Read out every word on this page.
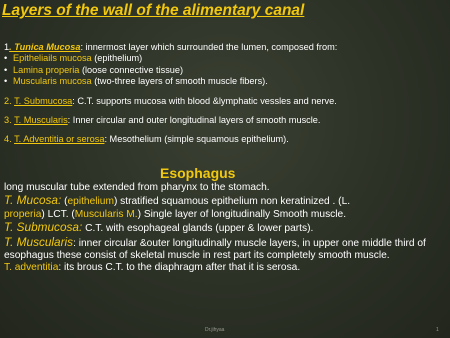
Layers of the wall of the alimentary canal
1. Tunica Mucosa: innermost layer which surrounded the lumen, composed from:
• Epitheliails mucosa (epithelium)
• Lamina properia (loose connective tissue)
• Muscularis mucosa (two-three layers of smooth muscle fibers).
2. T. Submucosa: C.T. supports mucosa with blood &lymphatic vessles and nerve.
3. T. Muscularis: Inner circular and outer longitudinal layers of smooth muscle.
4. T. Adventitia or serosa: Mesothelium (simple squamous epithelium).
Esophagus
long muscular tube extended from pharynx to the stomach.
T. Mucosa: (epithelium) stratified squamous epithelium non keratinized . (L.
properia) LCT. (Muscularis M.) Single layer of longitudinally Smooth muscle.
T. Submucosa: C.T. with esophageal glands (upper & lower parts).
T. Muscularis: inner circular &outer longitudinally muscle layers, in upper one middle third of esophagus these consist of skeletal muscle in rest part its completely smooth muscle.
T. adventitia: its brous C.T. to the diaphragm after that it is serosa.
Dr.jihyaa	1
